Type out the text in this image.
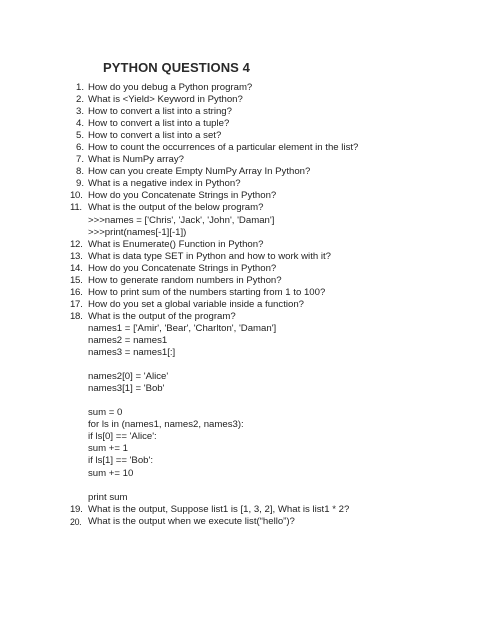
PYTHON QUESTIONS 4
1. How do you debug a Python program?
2. What is <Yield> Keyword in Python?
3. How to convert a list into a string?
4. How to convert a list into a tuple?
5. How to convert a list into a set?
6. How to count the occurrences of a particular element in the list?
7. What is NumPy array?
8. How can you create Empty NumPy Array In Python?
9. What is a negative index in Python?
10. How do you Concatenate Strings in Python?
11. What is the output of the below program?
>>>names = ['Chris', 'Jack', 'John', 'Daman']
>>>print(names[-1][-1])
12. What is Enumerate() Function in Python?
13. What is data type SET in Python and how to work with it?
14. How do you Concatenate Strings in Python?
15. How to generate random numbers in Python?
16. How to print sum of the numbers starting from 1 to 100?
17. How do you set a global variable inside a function?
18. What is the output of the program?
names1 = ['Amir', 'Bear', 'Charlton', 'Daman']
names2 = names1
names3 = names1[:]
names2[0] = 'Alice'
names3[1] = 'Bob'
sum = 0
for ls in (names1, names2, names3):
if ls[0] == 'Alice':
sum += 1
if ls[1] == 'Bob':
sum += 10
print sum
19. What is the output, Suppose list1 is [1, 3, 2], What is list1 * 2?
20. What is the output when we execute list(“hello”)?
